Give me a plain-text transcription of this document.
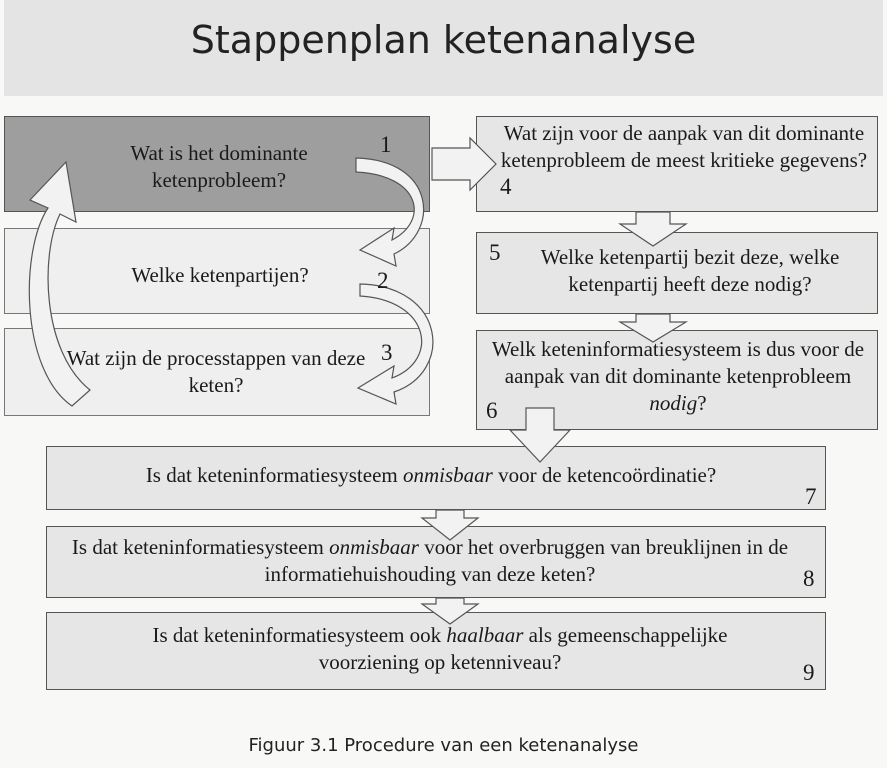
Stappenplan ketenanalyse
Wat is het dominante ketenprobleem?
1
Welke ketenpartijen?	2
Wat zijn de processtappen van deze keten?
3
Wat zijn voor de aanpak van dit dominante ketenprobleem de meest kritieke gegevens?
4
5	Welke ketenpartij bezit deze, welke ketenpartij heeft deze nodig?
Welk keteninformatiesysteem is dus voor de aanpak van dit dominante ketenprobleem nodig?
6
Is dat keteninformatiesysteem onmisbaar voor de ketencoördinatie?
7
Is dat keteninformatiesysteem onmisbaar voor het overbruggen van breuklijnen in de informatiehuishouding van deze keten?	8
Is dat keteninformatiesysteem ook haalbaar als gemeenschappelijke voorziening op ketenniveau?	9
Figuur 3.1 Procedure van een ketenanalyse
